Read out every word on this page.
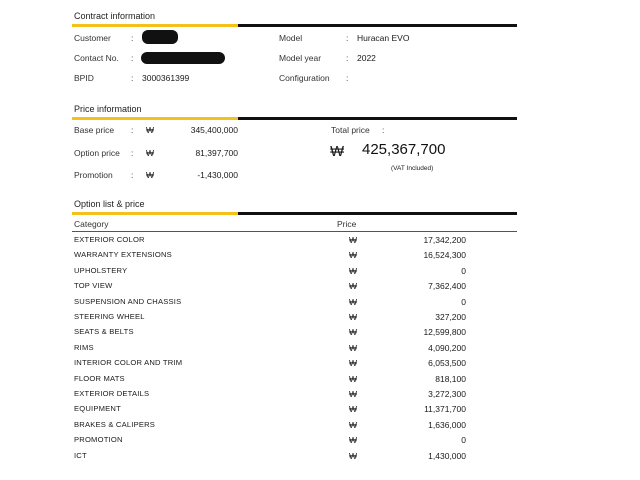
Contract information
Customer :
Contact No. :
BPID	: 3000361399
Model	: Huracan EVO
Model year	: 2022
Configuration :
Price information
Base price : ₩	345,400,000
Option price : ₩	81,397,700
Promotion : ₩	-1,430,000
Total price :
₩ 425,367,700
(VAT Included)
Option list & price
Category	Price
EXTERIOR COLOR	₩	17,342,200
WARRANTY EXTENSIONS	₩	16,524,300
UPHOLSTERY	₩	0
TOP VIEW	₩	7,362,400
SUSPENSION AND CHASSIS	₩	0
STEERING WHEEL	₩	327,200
SEATS & BELTS	₩	12,599,800
RIMS	₩	4,090,200
INTERIOR COLOR AND TRIM	₩	6,053,500
FLOOR MATS	₩	818,100
EXTERIOR DETAILS	₩	3,272,300
EQUIPMENT	₩	11,371,700
BRAKES & CALIPERS	₩	1,636,000
PROMOTION	₩	0
ICT	₩	1,430,000
